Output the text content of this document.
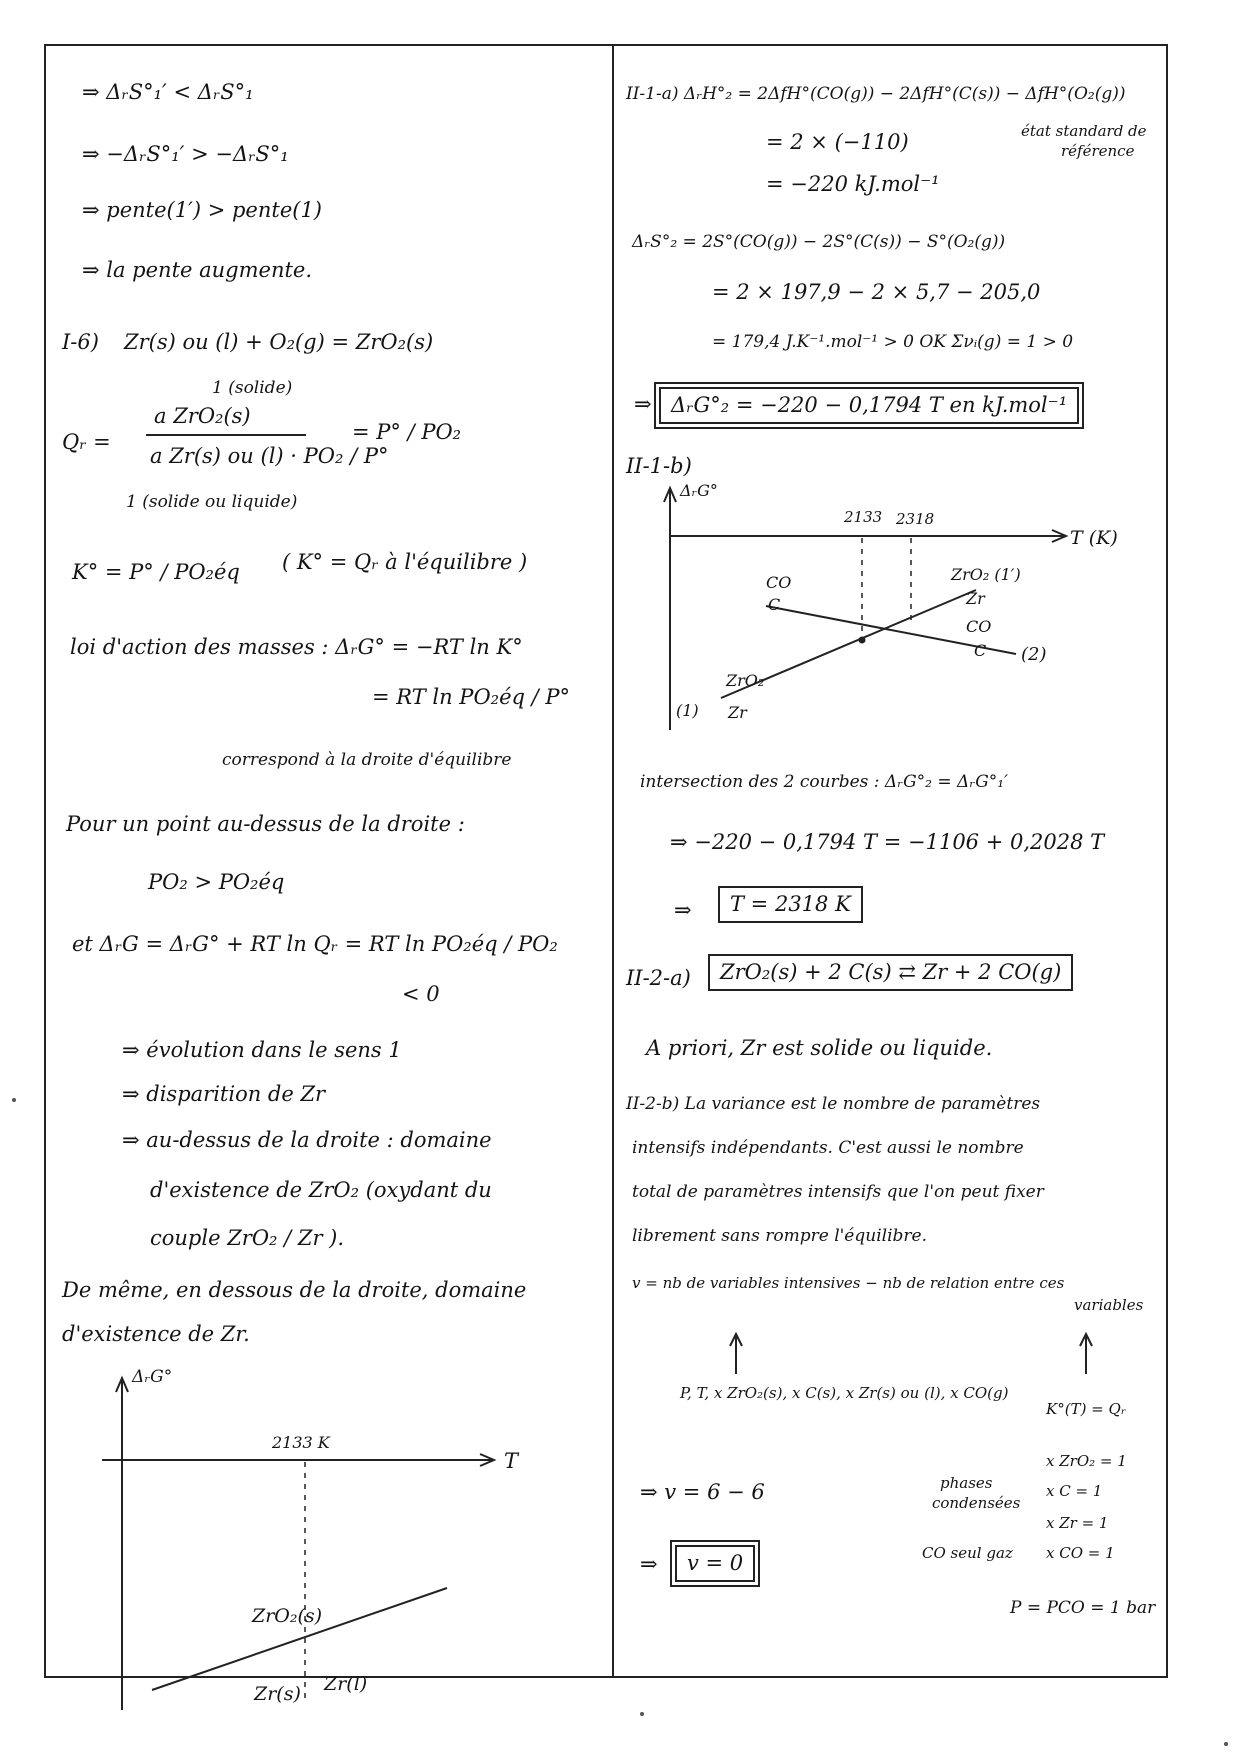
⇒ ΔᵣS°₁′ < ΔᵣS°₁
⇒ −ΔᵣS°₁′ > −ΔᵣS°₁
⇒ pente(1′) > pente(1)
⇒ la pente augmente.
I-6) Zr(s) ou (l) + O₂(g) = ZrO₂(s)
1 (solide)
Qᵣ =
a ZrO₂(s)
a Zr(s) ou (l) · PO₂ / P°
1 (solide ou liquide)
= P° / PO₂
K° = P° / PO₂éq ( K° = Qᵣ à l'équilibre )
loi d'action des masses : ΔᵣG° = −RT ln K°
= RT ln PO₂éq / P°
correspond à la droite d'équilibre
Pour un point au-dessus de la droite :
PO₂ > PO₂éq
et ΔᵣG = ΔᵣG° + RT ln Qᵣ = RT ln PO₂éq / PO₂
< 0
⇒ évolution dans le sens 1
⇒ disparition de Zr
⇒ au-dessus de la droite : domaine
d'existence de ZrO₂ (oxydant du
couple ZrO₂ / Zr ).
De même, en dessous de la droite, domaine
d'existence de Zr.
ΔᵣG°
T
2133 K
ZrO₂(s)
Zr(s) Zr(l)
II-1-a) ΔᵣH°₂ = 2ΔfH°(CO(g)) − 2ΔfH°(C(s)) − ΔfH°(O₂(g))
état standard de
référence
= 2 × (−110)
= −220 kJ.mol⁻¹
ΔᵣS°₂ = 2S°(CO(g)) − 2S°(C(s)) − S°(O₂(g))
= 2 × 197,9 − 2 × 5,7 − 205,0
= 179,4 J.K⁻¹.mol⁻¹ > 0 OK Σνᵢ(g) = 1 > 0
⇒ ΔᵣG°₂ = −220 − 0,1794 T en kJ.mol⁻¹
II-1-b)
ΔᵣG°
T (K)
2133 2318
CO
C
ZrO₂ (1′)
Zr
CO
C (2)
ZrO₂
(1) Zr
intersection des 2 courbes : ΔᵣG°₂ = ΔᵣG°₁′
⇒ −220 − 0,1794 T = −1106 + 0,2028 T
⇒	T = 2318 K
II-2-a)	ZrO₂(s) + 2 C(s) ⇄ Zr + 2 CO(g)
A priori, Zr est solide ou liquide.
II-2-b) La variance est le nombre de paramètres
intensifs indépendants. C'est aussi le nombre
total de paramètres intensifs que l'on peut fixer
librement sans rompre l'équilibre.
v = nb de variables intensives − nb de relation entre ces
variables
P, T, x ZrO₂(s), x C(s), x Zr(s) ou (l), x CO(g)
K°(T) = Qᵣ
⇒ v = 6 − 6	phases
condensées
x ZrO₂ = 1
x C = 1
x Zr = 1
CO seul gaz x CO = 1
⇒	v = 0
P = PCO = 1 bar
